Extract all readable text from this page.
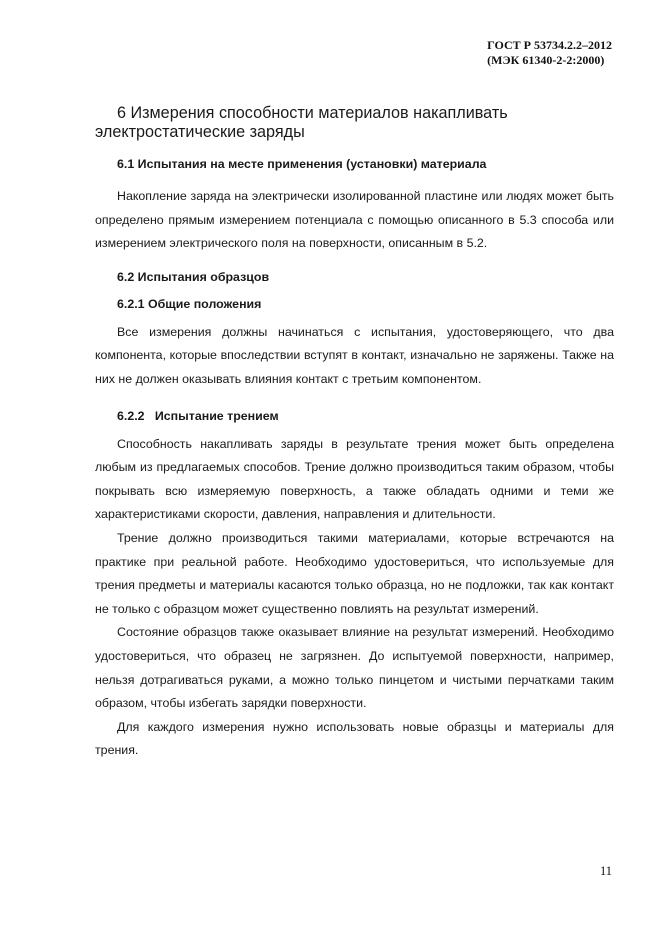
ГОСТ Р 53734.2.2–2012
(МЭК 61340-2-2:2000)
6 Измерения способности материалов накапливать
электростатические заряды
6.1 Испытания на месте применения (установки) материала

Накопление заряда на электрически изолированной пластине или людях может быть определено прямым измерением потенциала с помощью описанного в 5.3 способа или измерением электрического поля на поверхности, описанным в 5.2.

6.2 Испытания образцов
6.2.1 Общие положения

Все измерения должны начинаться с испытания, удостоверяющего, что два компонента, которые впоследствии вступят в контакт, изначально не заряжены. Также на них не должен оказывать влияния контакт с третьим компонентом.

6.2.2   Испытание трением

Способность накапливать заряды в результате трения может быть определена любым из предлагаемых способов. Трение должно производиться таким образом, чтобы покрывать всю измеряемую поверхность, а также обладать одними и теми же характеристиками скорости, давления, направления и длительности.

Трение должно производиться такими материалами, которые встречаются на практике при реальной работе. Необходимо удостовериться, что используемые для трения предметы и материалы касаются только образца, но не подложки, так как контакт не только с образцом может существенно повлиять на результат измерений.

Состояние образцов также оказывает влияние на результат измерений. Необходимо удостовериться, что образец не загрязнен. До испытуемой поверхности, например, нельзя дотрагиваться руками, а можно только пинцетом и чистыми перчатками таким образом, чтобы избегать зарядки поверхности.

Для каждого измерения нужно использовать новые образцы и материалы для трения.

11
